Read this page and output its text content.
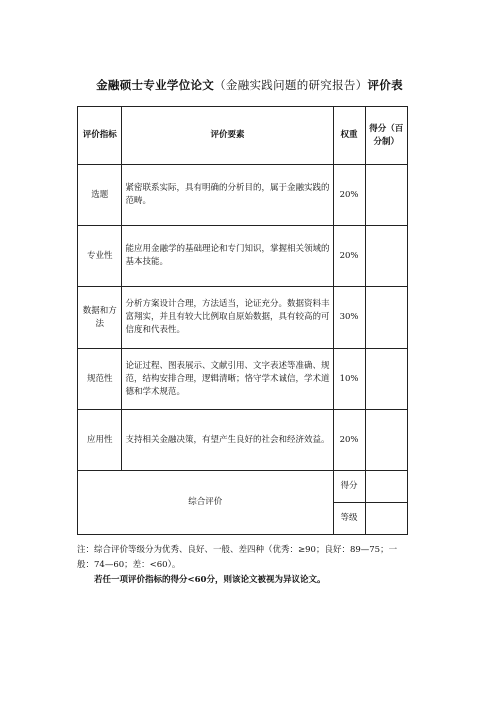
金融硕士专业学位论文（金融实践问题的研究报告）评价表
评价指标	评价要素	权重	得分（百分制）
选题	紧密联系实际，具有明确的分析目的，属于金融实践的范畴。	20%	
专业性	能应用金融学的基础理论和专门知识，掌握相关领域的基本技能。	20%	
数据和方法	分析方案设计合理，方法适当，论证充分。数据资料丰富翔实，并且有较大比例取自原始数据，具有较高的可信度和代表性。	30%	
规范性	论证过程、图表展示、文献引用、文字表述等准确、规范，结构安排合理，逻辑清晰；恪守学术诚信，学术道德和学术规范。	10%	
应用性	支持相关金融决策，有望产生良好的社会和经济效益。	20%	
综合评价		得分	
		等级	
注：综合评价等级分为优秀、良好、一般、差四种（优秀：≥90；良好：89—75；一般：74—60；差：<60）。
若任一项评价指标的得分<60分，则该论文被视为异议论文。
